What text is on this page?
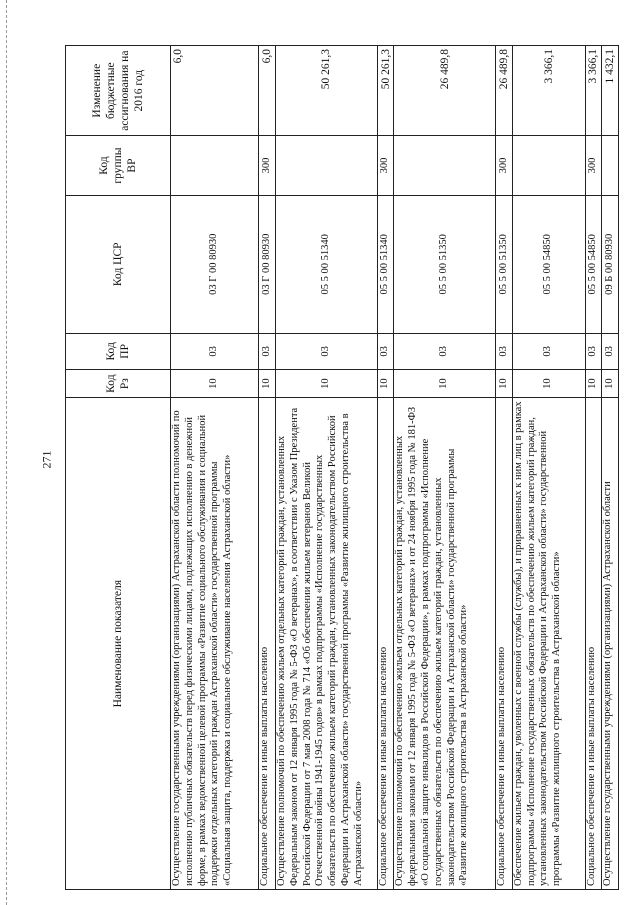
271
Наименование показателя	Код Рз	Код ПР	Код ЦСР	Код группы ВР	Изменение бюджетные ассигнования на 2016 год
Осуществление государственными учреждениями (организациями) Астраханской области полномочий по исполнению публичных обязательств перед физическими лицами, подлежащих исполнению в денежной форме, в рамках ведомственной целевой программы «Развитие социального обслуживания и социальной поддержки отдельных категорий граждан Астраханской области» государственной программы «Социальная защита, поддержка и социальное обслуживание населения Астраханской области»	10	03	03 Г 00 80930		6,0
Социальное обеспечение и иные выплаты населению	10	03	03 Г 00 80930	300	6,0
Осуществление полномочий по обеспечению жильем отдельных категорий граждан, установленных Федеральным законом от 12 января 1995 года № 5-ФЗ «О ветеранах», в соответствии с Указом Президента Российской Федерации от 7 мая 2008 года № 714 «Об обеспечении жильем ветеранов Великой Отечественной войны 1941-1945 годов» в рамках подпрограммы «Исполнение государственных обязательств по обеспечению жильем категорий граждан, установленных законодательством Российской Федерации и Астраханской области» государственной программы «Развитие жилищного строительства в Астраханской области»	10	03	05 5 00 51340		50 261,3
Социальное обеспечение и иные выплаты населению	10	03	05 5 00 51340	300	50 261,3
Осуществление полномочий по обеспечению жильем отдельных категорий граждан, установленных федеральными законами от 12 января 1995 года № 5-ФЗ «О ветеранах» и от 24 ноября 1995 года № 181-ФЗ «О социальной защите инвалидов в Российской Федерации», в рамках подпрограммы «Исполнение государственных обязательств по обеспечению жильем категорий граждан, установленных законодательством Российской Федерации и Астраханской области» государственной программы «Развитие жилищного строительства в Астраханской области»	10	03	05 5 00 51350		26 489,8
Социальное обеспечение и иные выплаты населению	10	03	05 5 00 51350	300	26 489,8
Обеспечение жильем граждан, уволенных с военной службы (службы), и приравненных к ним лиц в рамках подпрограммы «Исполнение государственных обязательств по обеспечению жильем категорий граждан, установленных законодательством Российской Федерации и Астраханской области» государственной программы «Развитие жилищного строительства в Астраханской области»	10	03	05 5 00 54850		3 366,1
Социальное обеспечение и иные выплаты населению	10	03	05 5 00 54850	300	3 366,1
Осуществление государственными учреждениями (организациями) Астраханской области	10	03	09 Б 00 80930		1 432,1
